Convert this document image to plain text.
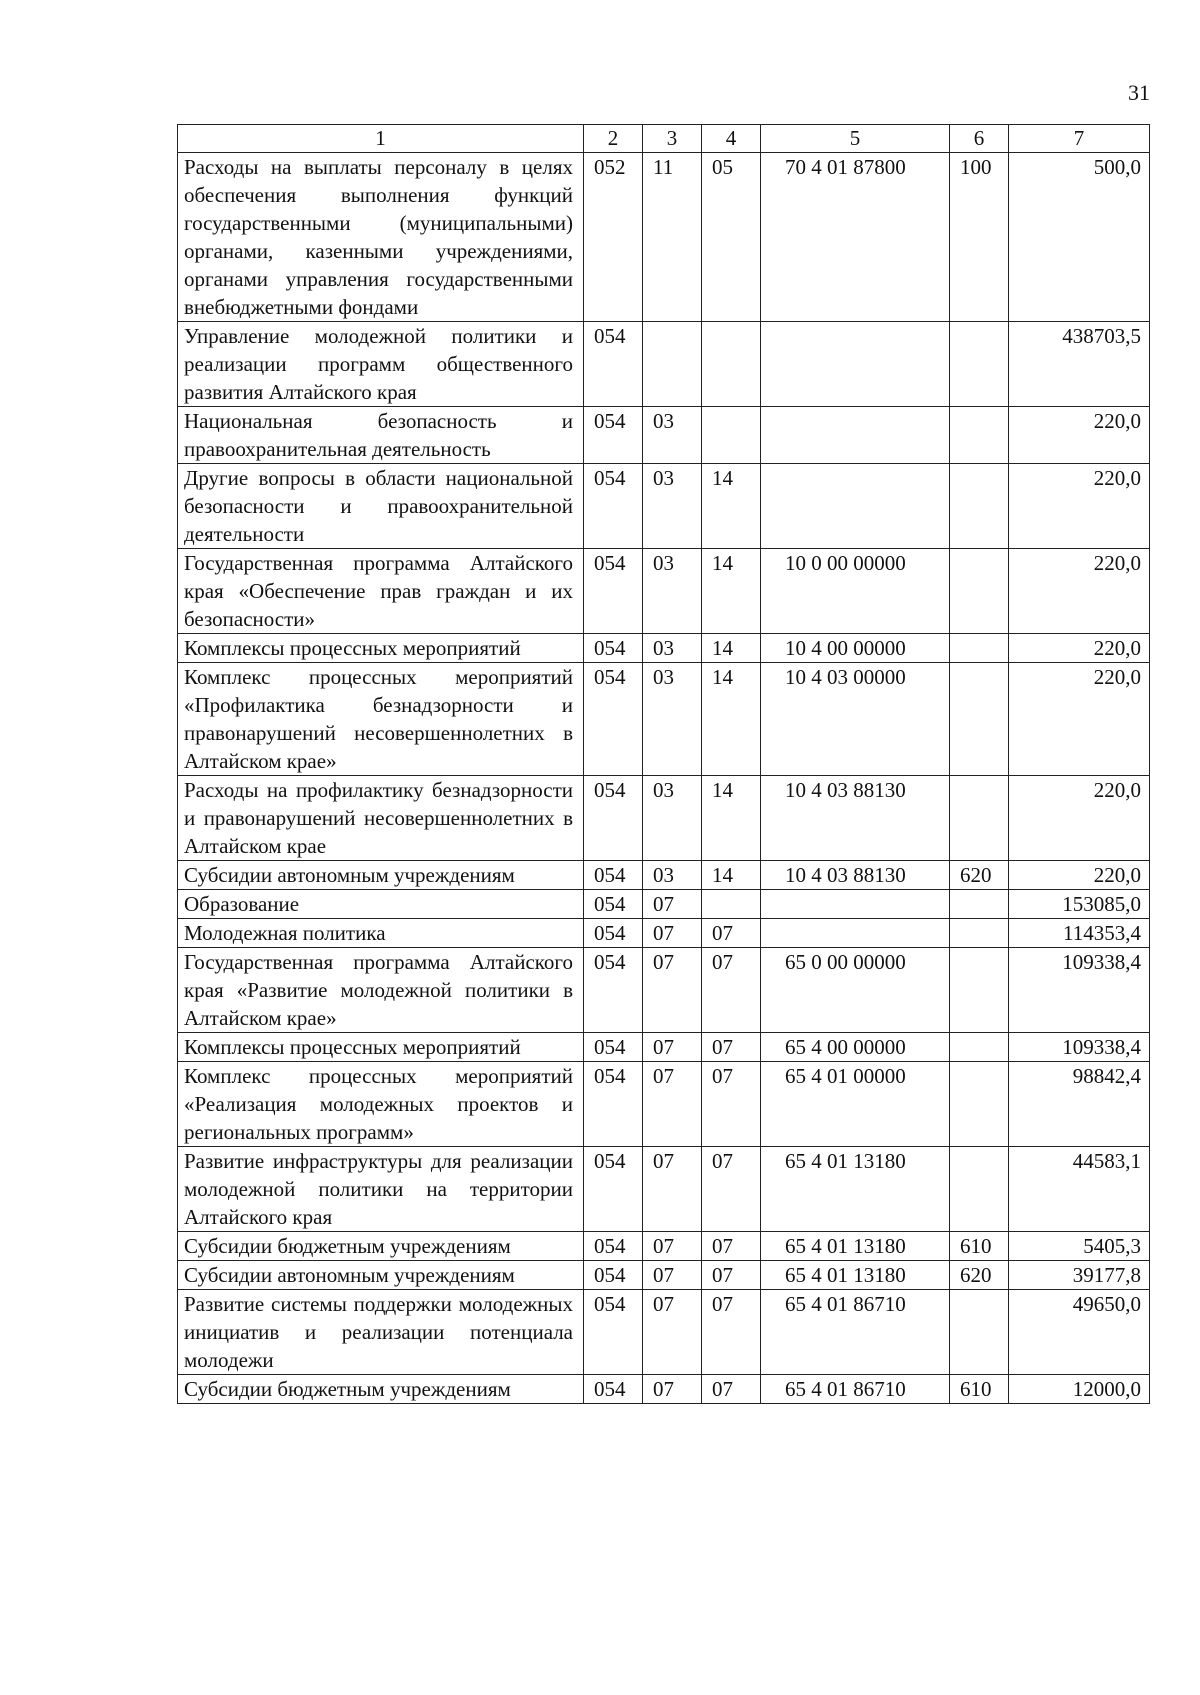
31
1	2	3	4	5	6	7
Расходы на выплаты персоналу в целях обеспечения выполнения функций государственными (муниципальными) органами, казенными учреждениями, органами управления государственными внебюджетными фондами	052	11	05	70 4 01 87800	100	500,0
Управление молодежной политики и реализации программ общественного развития Алтайского края	054					438703,5
Национальная безопасность и правоохранительная деятельность	054	03				220,0
Другие вопросы в области национальной безопасности и правоохранительной деятельности	054	03	14			220,0
Государственная программа Алтайского края «Обеспечение прав граждан и их безопасности»	054	03	14	10 0 00 00000		220,0
Комплексы процессных мероприятий	054	03	14	10 4 00 00000		220,0
Комплекс процессных мероприятий «Профилактика безнадзорности и правонарушений несовершеннолетних в Алтайском крае»	054	03	14	10 4 03 00000		220,0
Расходы на профилактику безнадзорности и правонарушений несовершеннолетних в Алтайском крае	054	03	14	10 4 03 88130		220,0
Субсидии автономным учреждениям	054	03	14	10 4 03 88130	620	220,0
Образование	054	07				153085,0
Молодежная политика	054	07	07			114353,4
Государственная программа Алтайского края «Развитие молодежной политики в Алтайском крае»	054	07	07	65 0 00 00000		109338,4
Комплексы процессных мероприятий	054	07	07	65 4 00 00000		109338,4
Комплекс процессных мероприятий «Реализация молодежных проектов и региональных программ»	054	07	07	65 4 01 00000		98842,4
Развитие инфраструктуры для реализации молодежной политики на территории Алтайского края	054	07	07	65 4 01 13180		44583,1
Субсидии бюджетным учреждениям	054	07	07	65 4 01 13180	610	5405,3
Субсидии автономным учреждениям	054	07	07	65 4 01 13180	620	39177,8
Развитие системы поддержки молодежных инициатив и реализации потенциала молодежи	054	07	07	65 4 01 86710		49650,0
Субсидии бюджетным учреждениям	054	07	07	65 4 01 86710	610	12000,0
